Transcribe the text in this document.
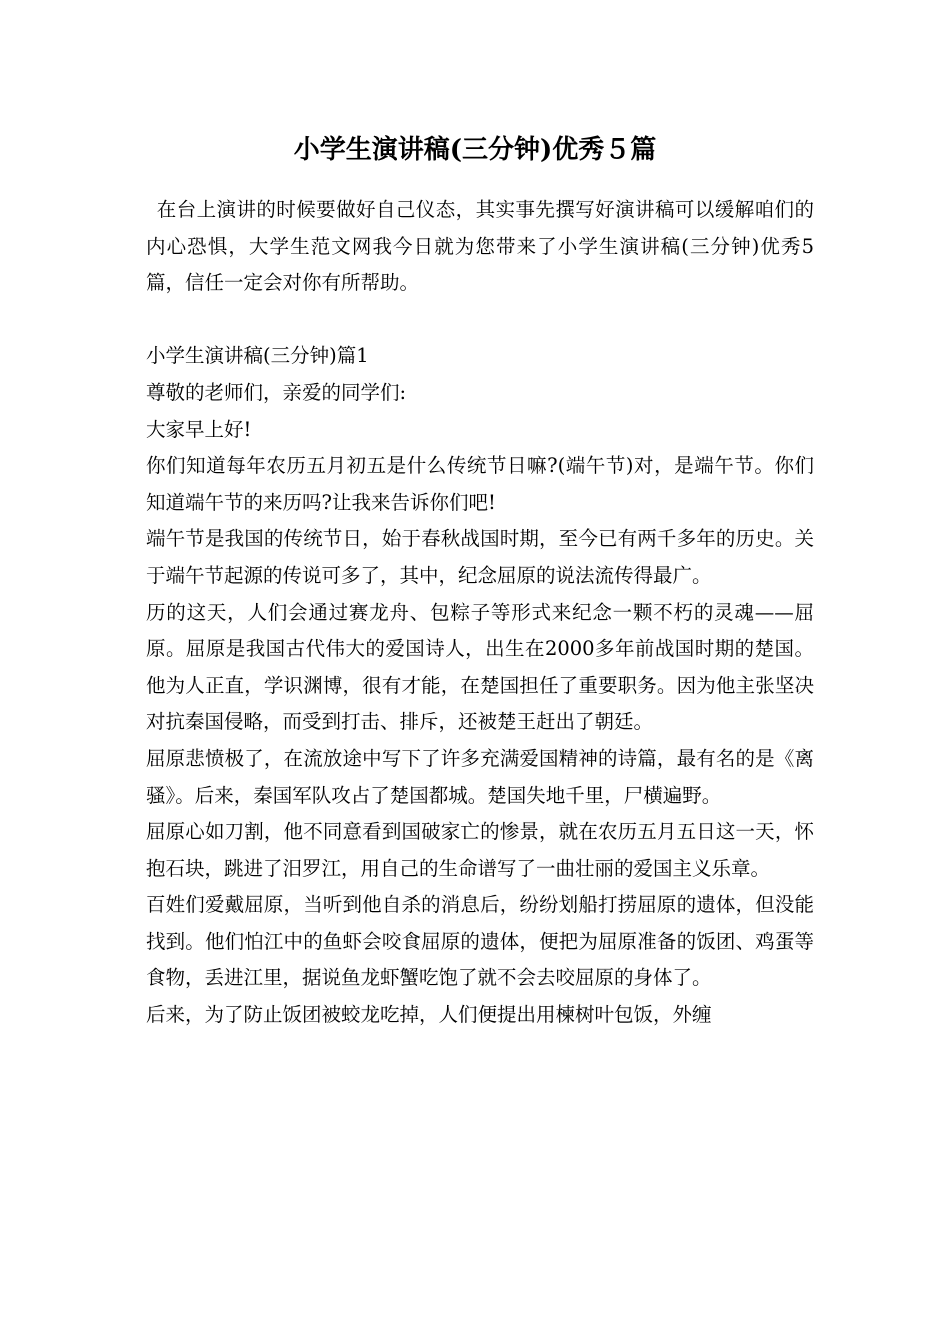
小学生演讲稿(三分钟)优秀５篇

在台上演讲的时候要做好自己仪态，其实事先撰写好演讲稿可以缓解咱们的内心恐惧，大学生范文网我今日就为您带来了小学生演讲稿(三分钟)优秀5篇，信任一定会对你有所帮助。

小学生演讲稿(三分钟)篇1

尊敬的老师们，亲爱的同学们:

大家早上好!

你们知道每年农历五月初五是什么传统节日嘛?(端午节)对，是端午节。你们知道端午节的来历吗?让我来告诉你们吧!

端午节是我国的传统节日，始于春秋战国时期，至今已有两千多年的历史。关于端午节起源的传说可多了，其中，纪念屈原的说法流传得最广。

历的这天，人们会通过赛龙舟、包粽子等形式来纪念一颗不朽的灵魂——屈原。屈原是我国古代伟大的爱国诗人，出生在2000多年前战国时期的楚国。他为人正直，学识渊博，很有才能，在楚国担任了重要职务。因为他主张坚决对抗秦国侵略，而受到打击、排斥，还被楚王赶出了朝廷。

屈原悲愤极了，在流放途中写下了许多充满爱国精神的诗篇，最有名的是《离骚》。后来，秦国军队攻占了楚国都城。楚国失地千里，尸横遍野。

屈原心如刀割，他不同意看到国破家亡的惨景，就在农历五月五日这一天，怀抱石块，跳进了汨罗江，用自己的生命谱写了一曲壮丽的爱国主义乐章。

百姓们爱戴屈原，当听到他自杀的消息后，纷纷划船打捞屈原的遗体，但没能找到。他们怕江中的鱼虾会咬食屈原的遗体，便把为屈原准备的饭团、鸡蛋等食物，丢进江里，据说鱼龙虾蟹吃饱了就不会去咬屈原的身体了。

后来，为了防止饭团被蛟龙吃掉，人们便提出用楝树叶包饭，外缠
